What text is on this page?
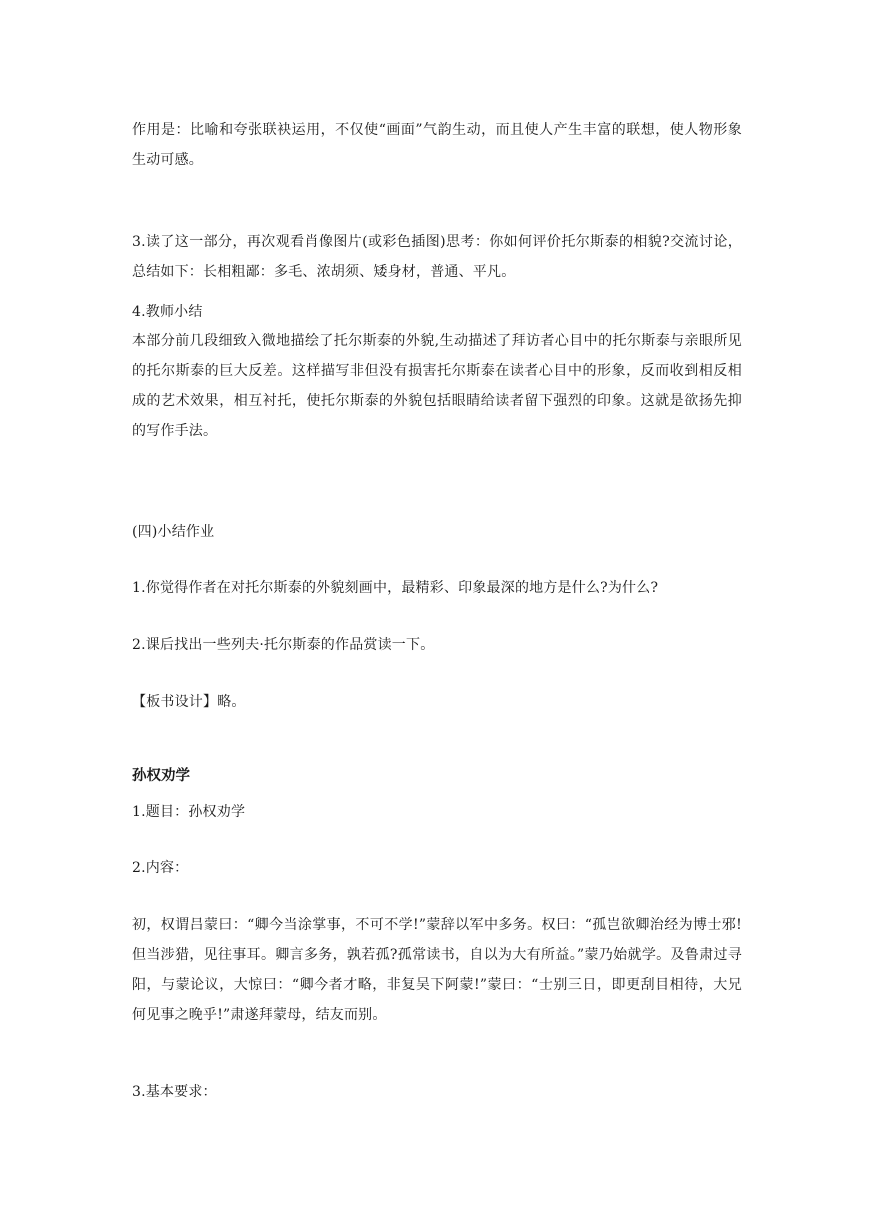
作用是：比喻和夸张联袂运用，不仅使“画面”气韵生动，而且使人产生丰富的联想，使人物形象生动可感。

3.读了这一部分，再次观看肖像图片(或彩色插图)思考：你如何评价托尔斯泰的相貌?交流讨论，总结如下：长相粗鄙：多毛、浓胡须、矮身材，普通、平凡。

4.教师小结

本部分前几段细致入微地描绘了托尔斯泰的外貌,生动描述了拜访者心目中的托尔斯泰与亲眼所见的托尔斯泰的巨大反差。这样描写非但没有损害托尔斯泰在读者心目中的形象，反而收到相反相成的艺术效果，相互衬托，使托尔斯泰的外貌包括眼睛给读者留下强烈的印象。这就是欲扬先抑的写作手法。

(四)小结作业

1.你觉得作者在对托尔斯泰的外貌刻画中，最精彩、印象最深的地方是什么?为什么?

2.课后找出一些列夫·托尔斯泰的作品赏读一下。

【板书设计】略。

孙权劝学

1.题目：孙权劝学

2.内容：

初，权谓吕蒙曰：“卿今当涂掌事，不可不学!”蒙辞以军中多务。权曰：“孤岂欲卿治经为博士邪!但当涉猎，见往事耳。卿言多务，孰若孤?孤常读书，自以为大有所益。”蒙乃始就学。及鲁肃过寻阳，与蒙论议，大惊曰：“卿今者才略，非复吴下阿蒙!”蒙曰：“士别三日，即更刮目相待，大兄何见事之晚乎!”肃遂拜蒙母，结友而别。

3.基本要求：
